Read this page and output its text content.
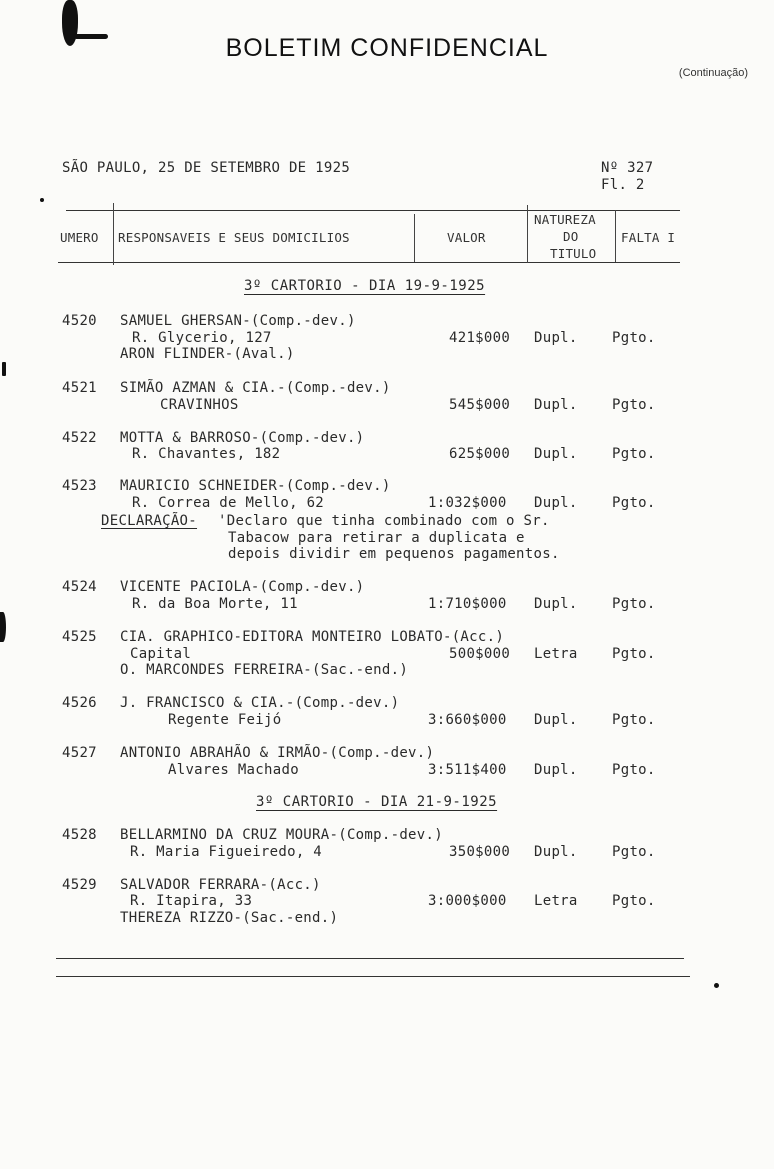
BOLETIM CONFIDENCIAL
(Continuação)
SÃO PAULO, 25 DE SETEMBRO DE 1925	Nº 327
Fl. 2
UMERO RESPONSAVEIS E SEUS DOMICILIOS	VALOR
NATUREZA
DO
TITULO
FALTA I
3º CARTORIO - DIA 19-9-1925
4520 SAMUEL GHERSAN-(Comp.-dev.)
R. Glycerio, 127	421$000 Dupl. Pgto.
ARON FLINDER-(Aval.)
4521 SIMÃO AZMAN & CIA.-(Comp.-dev.)
CRAVINHOS	545$000 Dupl. Pgto.
4522 MOTTA & BARROSO-(Comp.-dev.)
R. Chavantes, 182	625$000 Dupl. Pgto.
4523 MAURICIO SCHNEIDER-(Comp.-dev.)
R. Correa de Mello, 62	1:032$000 Dupl. Pgto.
DECLARAÇÃO- 'Declaro que tinha combinado com o Sr.
Tabacow para retirar a duplicata e
depois dividir em pequenos pagamentos.
4524 VICENTE PACIOLA-(Comp.-dev.)
R. da Boa Morte, 11	1:710$000 Dupl. Pgto.
4525 CIA. GRAPHICO-EDITORA MONTEIRO LOBATO-(Acc.)
Capital	500$000 Letra Pgto.
O. MARCONDES FERREIRA-(Sac.-end.)
4526 J. FRANCISCO & CIA.-(Comp.-dev.)
Regente Feijó	3:660$000 Dupl. Pgto.
4527 ANTONIO ABRAHÃO & IRMÃO-(Comp.-dev.)
Alvares Machado	3:511$400 Dupl. Pgto.
3º CARTORIO - DIA 21-9-1925
4528 BELLARMINO DA CRUZ MOURA-(Comp.-dev.)
R. Maria Figueiredo, 4	350$000 Dupl. Pgto.
4529 SALVADOR FERRARA-(Acc.)
R. Itapira, 33	3:000$000 Letra Pgto.
THEREZA RIZZO-(Sac.-end.)
